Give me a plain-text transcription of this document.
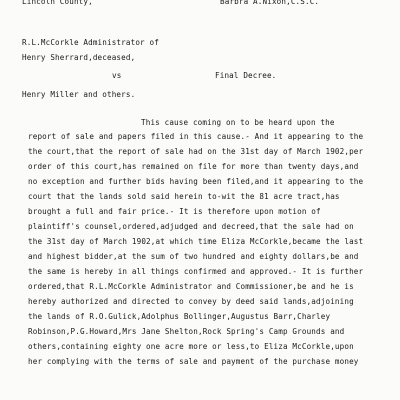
Lincoln County,	Barbra A.Nixon,C.S.C.
R.L.McCorkle Administrator of
Henry Sherrard,deceased,
vs	Final Decree.
Henry Miller and others.
This cause coming on to be heard upon the
report of sale and papers filed in this cause.- And it appearing to the
the court,that the report of sale had on the 31st day of March 1902,per
order of this court,has remained on file for more than twenty days,and
no exception and further bids having been filed,and it appearing to the
court that the lands sold said herein to-wit the 81 acre tract,has
brought a full and fair price.- It is therefore upon motion of
plaintiff's counsel,ordered,adjudged and decreed,that the sale had on
the 31st day of March 1902,at which time Eliza McCorkle,became the last
and highest bidder,at the sum of two hundred and eighty dollars,be and
the same is hereby in all things confirmed and approved.- It is further
ordered,that R.L.McCorkle Administrator and Commissioner,be and he is
hereby authorized and directed to convey by deed said lands,adjoining
the lands of R.O.Gulick,Adolphus Bollinger,Augustus Barr,Charley
Robinson,P.G.Howard,Mrs Jane Shelton,Rock Spring's Camp Grounds and
others,containing eighty one acre more or less,to Eliza McCorkle,upon
her complying with the terms of sale and payment of the purchase money
